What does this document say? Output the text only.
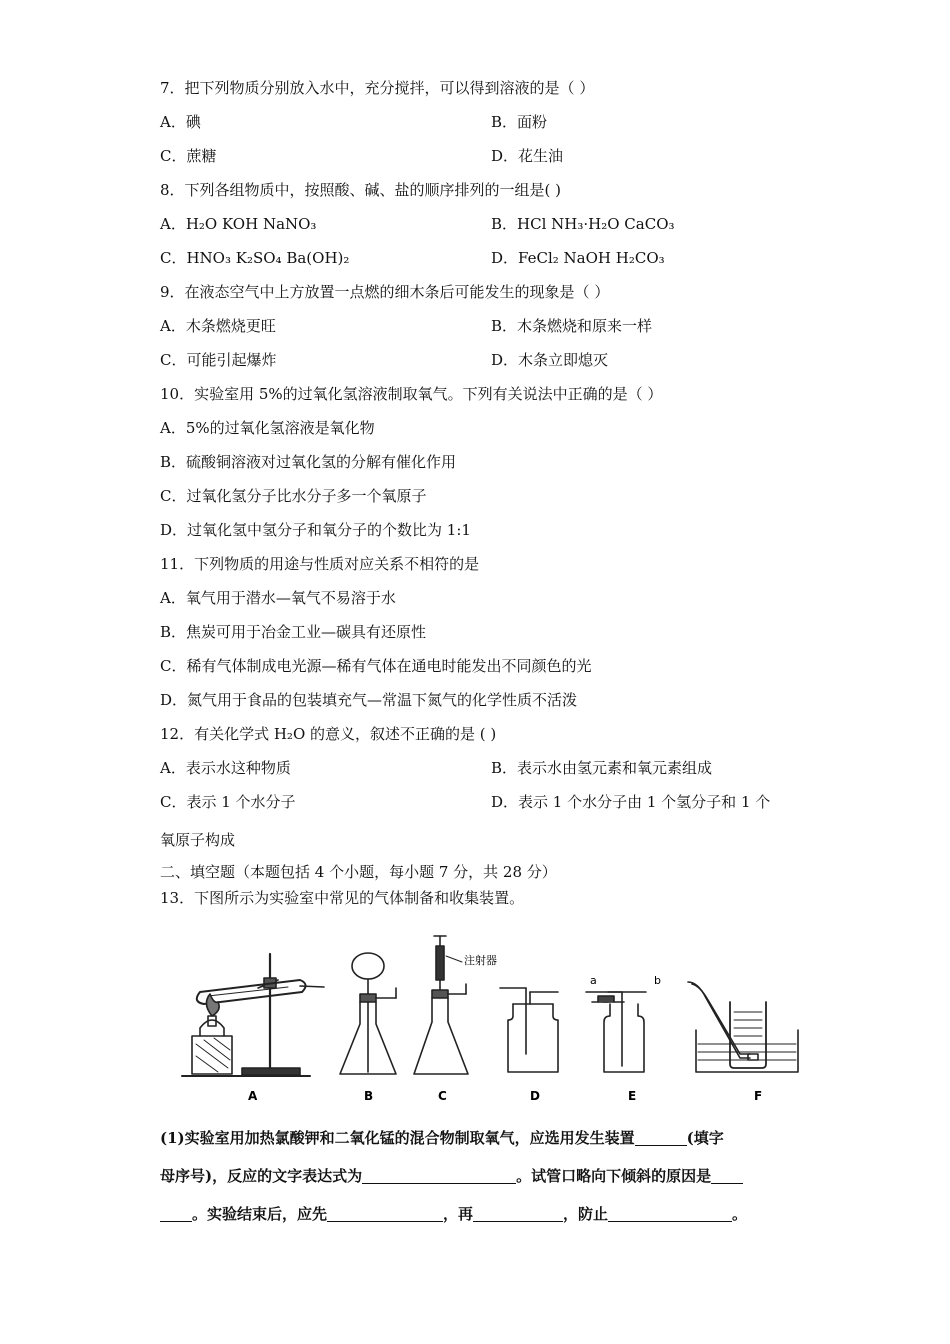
7．把下列物质分别放入水中，充分搅拌，可以得到溶液的是（ ）
A．碘	B．面粉
C．蔗糖	D．花生油
8．下列各组物质中，按照酸、碱、盐的顺序排列的一组是( )
A．H₂O KOH NaNO₃	B．HCl NH₃·H₂O CaCO₃
C．HNO₃ K₂SO₄ Ba(OH)₂	D．FeCl₂ NaOH H₂CO₃
9．在液态空气中上方放置一点燃的细木条后可能发生的现象是（ ）
A．木条燃烧更旺	B．木条燃烧和原来一样
C．可能引起爆炸	D．木条立即熄灭
10．实验室用 5%的过氧化氢溶液制取氧气。下列有关说法中正确的是（ ）
A．5%的过氧化氢溶液是氧化物
B．硫酸铜溶液对过氧化氢的分解有催化作用
C．过氧化氢分子比水分子多一个氧原子
D．过氧化氢中氢分子和氧分子的个数比为 1:1
11．下列物质的用途与性质对应关系不相符的是
A．氧气用于潜水—氧气不易溶于水
B．焦炭可用于冶金工业—碳具有还原性
C．稀有气体制成电光源—稀有气体在通电时能发出不同颜色的光
D．氮气用于食品的包装填充气—常温下氮气的化学性质不活泼
12．有关化学式 H₂O 的意义，叙述不正确的是 ( )
A．表示水这种物质	B．表示水由氢元素和氧元素组成
C．表示 1 个水分子	D．表示 1 个水分子由 1 个氢分子和 1 个
氧原子构成
二、填空题（本题包括 4 个小题，每小题 7 分，共 28 分）
13．下图所示为实验室中常见的气体制备和收集装置。
A	B	C	D	E	F
注射器
a	b
(1)实验室用加热氯酸钾和二氧化锰的混合物制取氧气，应选用发生装置	(填字
母序号)，反应的文字表达式为	。试管口略向下倾斜的原因是
。实验结束后，应先	，再	，防止	。
